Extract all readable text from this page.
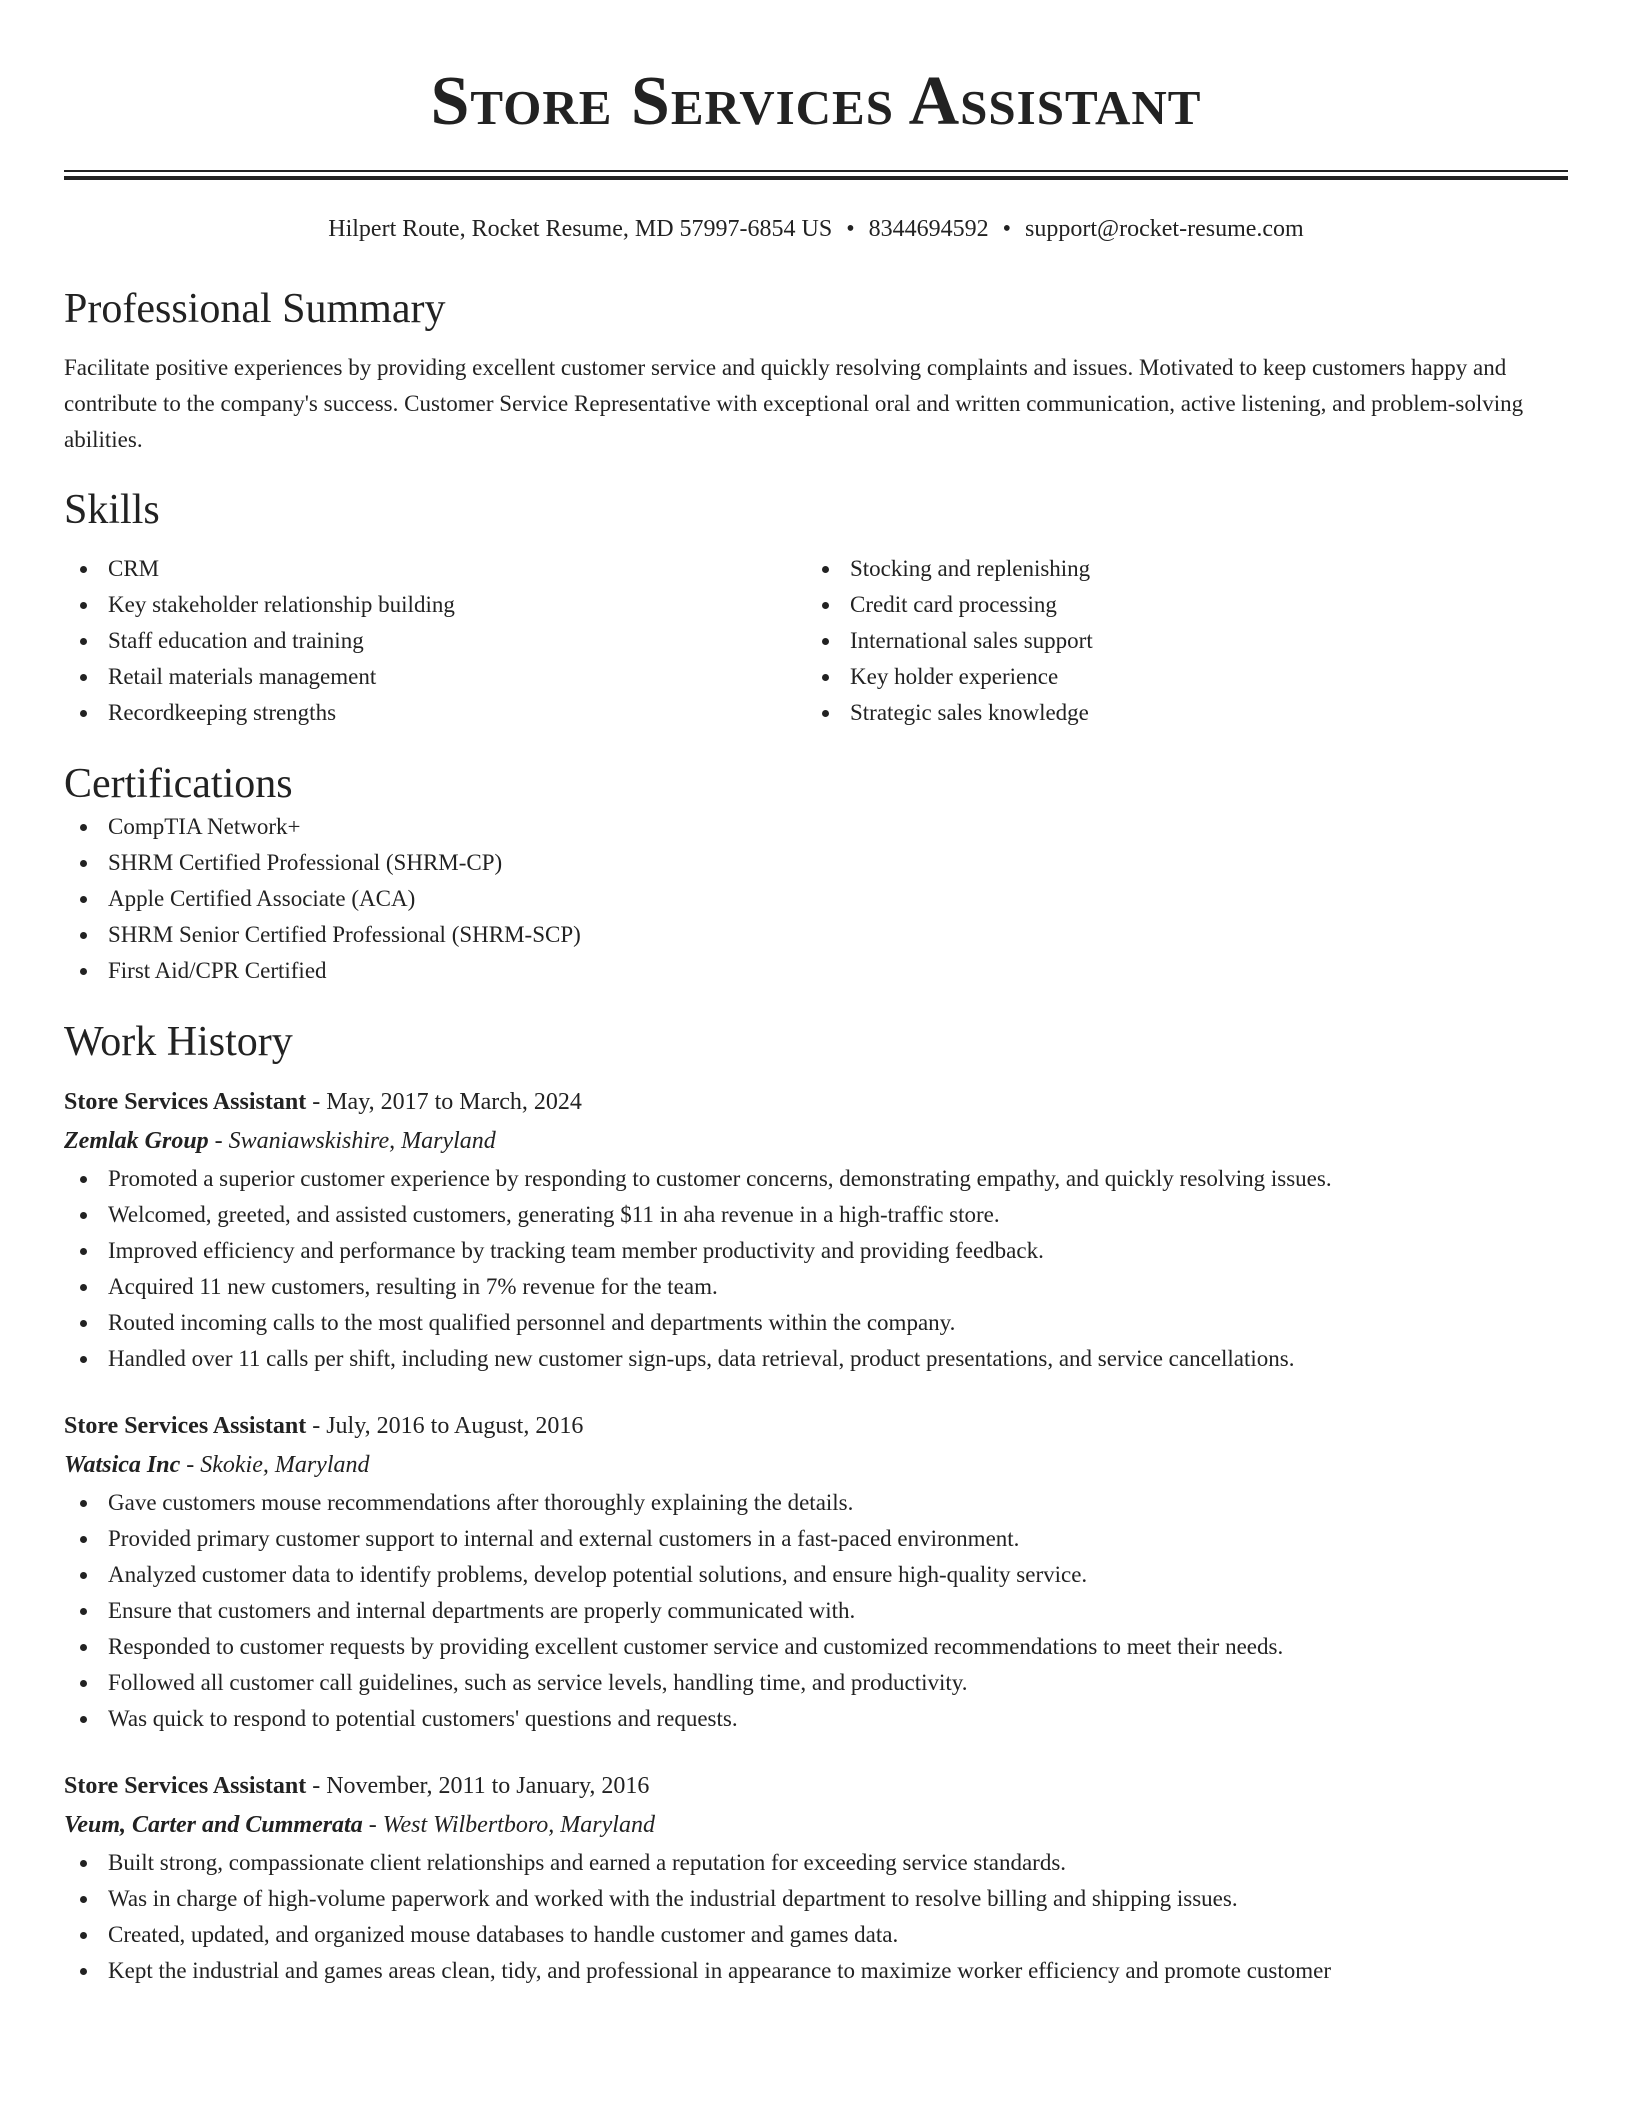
Store Services Assistant
Hilpert Route, Rocket Resume, MD 57997-6854 US • 8344694592 • support@rocket-resume.com
Professional Summary

Facilitate positive experiences by providing excellent customer service and quickly resolving complaints and issues. Motivated to keep customers happy and contribute to the company's success. Customer Service Representative with exceptional oral and written communication, active listening, and problem-solving abilities.

Skills
CRM
Key stakeholder relationship building
Staff education and training
Retail materials management
Recordkeeping strengths
Stocking and replenishing
Credit card processing
International sales support
Key holder experience
Strategic sales knowledge
Certifications
CompTIA Network+
SHRM Certified Professional (SHRM-CP)
Apple Certified Associate (ACA)
SHRM Senior Certified Professional (SHRM-SCP)
First Aid/CPR Certified
Work History
Store Services Assistant - May, 2017 to March, 2024
Zemlak Group - Swaniawskishire, Maryland
Promoted a superior customer experience by responding to customer concerns, demonstrating empathy, and quickly resolving issues.
Welcomed, greeted, and assisted customers, generating $11 in aha revenue in a high-traffic store.
Improved efficiency and performance by tracking team member productivity and providing feedback.
Acquired 11 new customers, resulting in 7% revenue for the team.
Routed incoming calls to the most qualified personnel and departments within the company.
Handled over 11 calls per shift, including new customer sign-ups, data retrieval, product presentations, and service cancellations.
Store Services Assistant - July, 2016 to August, 2016
Watsica Inc - Skokie, Maryland
Gave customers mouse recommendations after thoroughly explaining the details.
Provided primary customer support to internal and external customers in a fast-paced environment.
Analyzed customer data to identify problems, develop potential solutions, and ensure high-quality service.
Ensure that customers and internal departments are properly communicated with.
Responded to customer requests by providing excellent customer service and customized recommendations to meet their needs.
Followed all customer call guidelines, such as service levels, handling time, and productivity.
Was quick to respond to potential customers' questions and requests.
Store Services Assistant - November, 2011 to January, 2016
Veum, Carter and Cummerata - West Wilbertboro, Maryland
Built strong, compassionate client relationships and earned a reputation for exceeding service standards.
Was in charge of high-volume paperwork and worked with the industrial department to resolve billing and shipping issues.
Created, updated, and organized mouse databases to handle customer and games data.
Kept the industrial and games areas clean, tidy, and professional in appearance to maximize worker efficiency and promote customer
